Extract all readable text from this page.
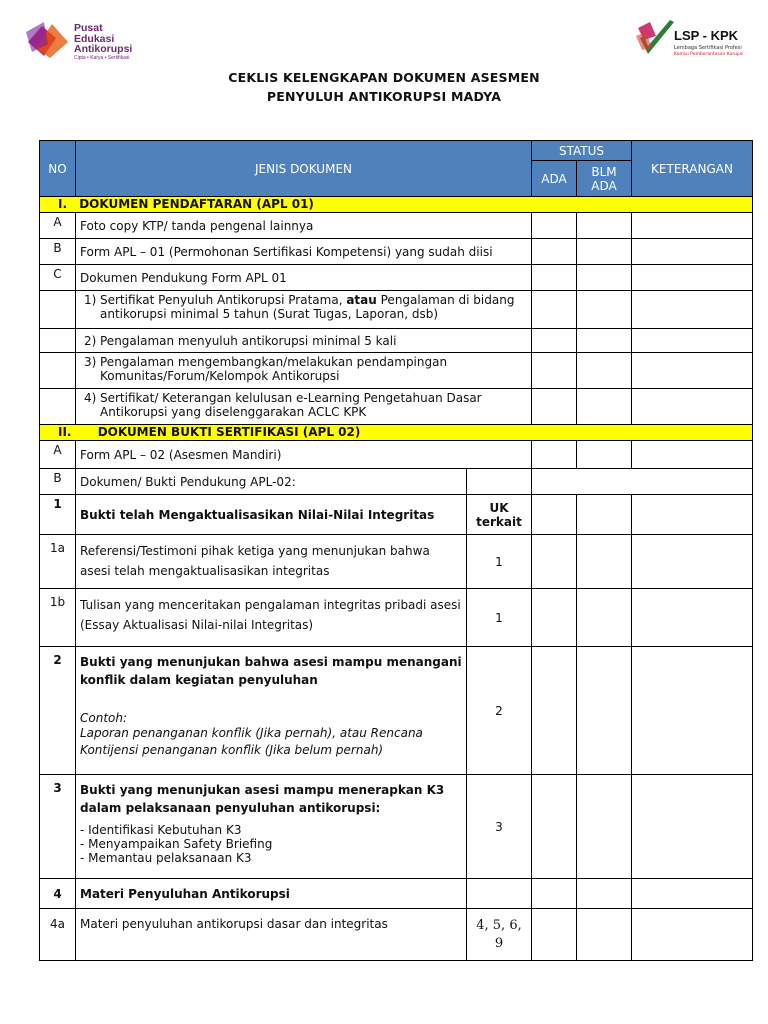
Pusat
Edukasi
Antikorupsi
Cipta • Karya • Sertifikasi
LSP - KPK
Lembaga Sertifikasi Profesi
Komisi Pemberantasan Korupsi
CEKLIS KELENGKAPAN DOKUMEN ASESMEN
PENYULUH ANTIKORUPSI MADYA
NO	JENIS DOKUMEN		STATUS		KETERANGAN
			ADA	BLM ADA	
I. DOKUMEN PENDAFTARAN (APL 01)					
A	Foto copy KTP/ tanda pengenal lainnya				
B	Form APL – 01 (Permohonan Sertifikasi Kompetensi) yang sudah diisi				
C	Dokumen Pendukung Form APL 01				

	1) Sertifikat Penyuluh Antikorupsi Pratama, atau Pengalaman di bidang antikorupsi minimal 5 tahun (Surat Tugas, Laporan, dsb)				

	2) Pengalaman menyuluh antikorupsi minimal 5 kali				

	3) Pengalaman mengembangkan/melakukan pendampingan Komunitas/Forum/Kelompok Antikorupsi				

	4) Sertifikat/ Keterangan kelulusan e-Learning Pengetahuan Dasar Antikorupsi yang diselenggarakan ACLC KPK				

II. DOKUMEN BUKTI SERTIFIKASI (APL 02)					
A	Form APL – 02 (Asesmen Mandiri)				
B	Dokumen/ Bukti Pendukung APL-02:				
1	Bukti telah Mengaktualisasikan Nilai-Nilai Integritas	UK terkait			
1a	Referensi/Testimoni pihak ketiga yang menunjukan bahwa asesi telah mengaktualisasikan integritas	1			
1b	Tulisan yang menceritakan pengalaman integritas pribadi asesi (Essay Aktualisasi Nilai-nilai Integritas)	1			
2	Bukti yang menunjukan bahwa asesi mampu menangani konflik dalam kegiatan penyuluhan
Contoh:
Laporan penanganan konflik (Jika pernah), atau Rencana Kontijensi penanganan konflik (Jika belum pernah)	2			
3	Bukti yang menunjukan asesi mampu menerapkan K3 dalam pelaksanaan penyuluhan antikorupsi:
- Identifikasi Kebutuhan K3
- Menyampaikan Safety Briefing
- Memantau pelaksanaan K3	3			
4	Materi Penyuluhan Antikorupsi				
4a	Materi penyuluhan antikorupsi dasar dan integritas	4, 5, 6, 9			
